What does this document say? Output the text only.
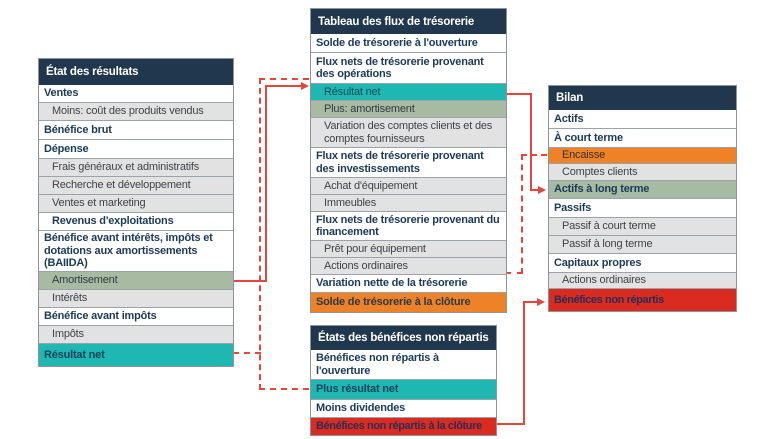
État des résultats
Ventes
Moins: coût des produits vendus
Bénéfice brut
Dépense
Frais généraux et administratifs
Recherche et développement
Ventes et marketing
Revenus d'exploitations
Bénéfice avant intérêts, impôts et dotations aux amortissements (BAIIDA)
Amortisement
Intérêts
Bénéfice avant impôts
Impôts
Résultat net
Tableau des flux de trésorerie
Solde de trésorerie à l'ouverture
Flux nets de trésorerie provenant des opérations
Résultat net
Plus: amortisement
Variation des comptes clients et des comptes fournisseurs
Flux nets de trésorerie provenant des investissements
Achat d'équipement
Immeubles
Flux nets de trésorerie provenant du financement
Prêt pour équipement
Actions ordinaires
Variation nette de la trésorerie
Solde de trésorerie à la clôture
États des bénéfices non répartis
Bénéfices non répartis à l'ouverture
Plus résultat net
Moins dividendes
Bénéfices non répartis à la clôture
Bilan
Actifs
À court terme
Encaisse
Comptes clients
Actifs à long terme
Passifs
Passif à court terme
Passif à long terme
Capitaux propres
Actions ordinaires
Bénéfices non répartis
